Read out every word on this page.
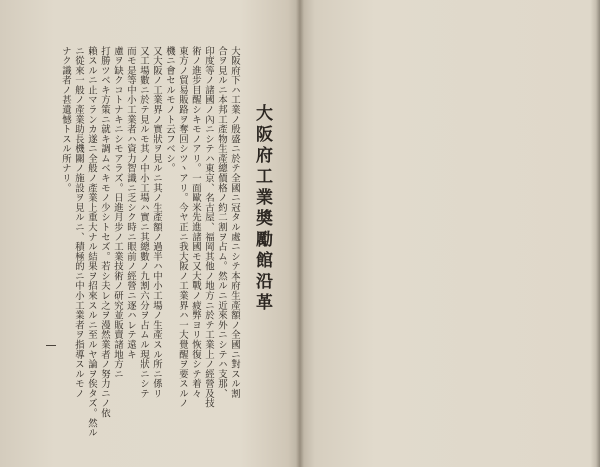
大阪府工業奬勵館沿革
大阪府下ハ工業ノ殷盛ニ於テ全國ニ冠タル處ニシテ本府生產額ノ全國ニ對スル割
合ヲ見ルニ本邦工產物生產總價格ノ約二割ヲ占ム。然ルニ近來外ニシテハ支那、
印度等ノ諸國ノ內ニシテハ東京、名古屋、福岡其他ノ地方ニ於テ工業上ノ經營及技
術ノ進步目醒シキモノアリ。一面歐米先進諸國モ又大戰ノ疲弊ヨリ恢復シテ着々
東方ノ貿易販路ヲ奪回シツヽアリ。今ヤ正ニ我大阪ノ工業界ハ一大覺醒ヲ要スルノ
機ニ會セルモノト云フベシ。
又大阪ノ工業界ノ實狀ヲ見ルニ其ノ生產額ノ過半ハ中小工場ノ生產スル所ニ係リ
又工場數ニ於テ見ルモ其ノ中小工場ハ實ニ其總數ノ九割六分ヲ占ムル現狀ニシテ
而モ是等中小工業者ハ資力智識ニ乏シク時ニ眼前ノ經營ニ逐ハレテ遠キ
慮ヲ缺クコトナキニシモアラズ。日進月步ノ工業技術ノ研究並販賣諸地方ニ
打勝ツベキ方策ニ就キ調ムベキモノ少シトセズ。若シ夫レ之ヲ漫然業者ノ努力ニノ依
賴スルニ止マランカ遂ニ全般ノ產業上重大ナル結果ヲ招來スルニ至ルヤ論ヲ俟タズ。然ル
ニ從來一般ノ產業助長機關ノ施設ヲ見ルニ、積極的ニ中小工業者ヲ指導スルモノ
ナク識者ノ甚遺憾トスル所ナリ。
